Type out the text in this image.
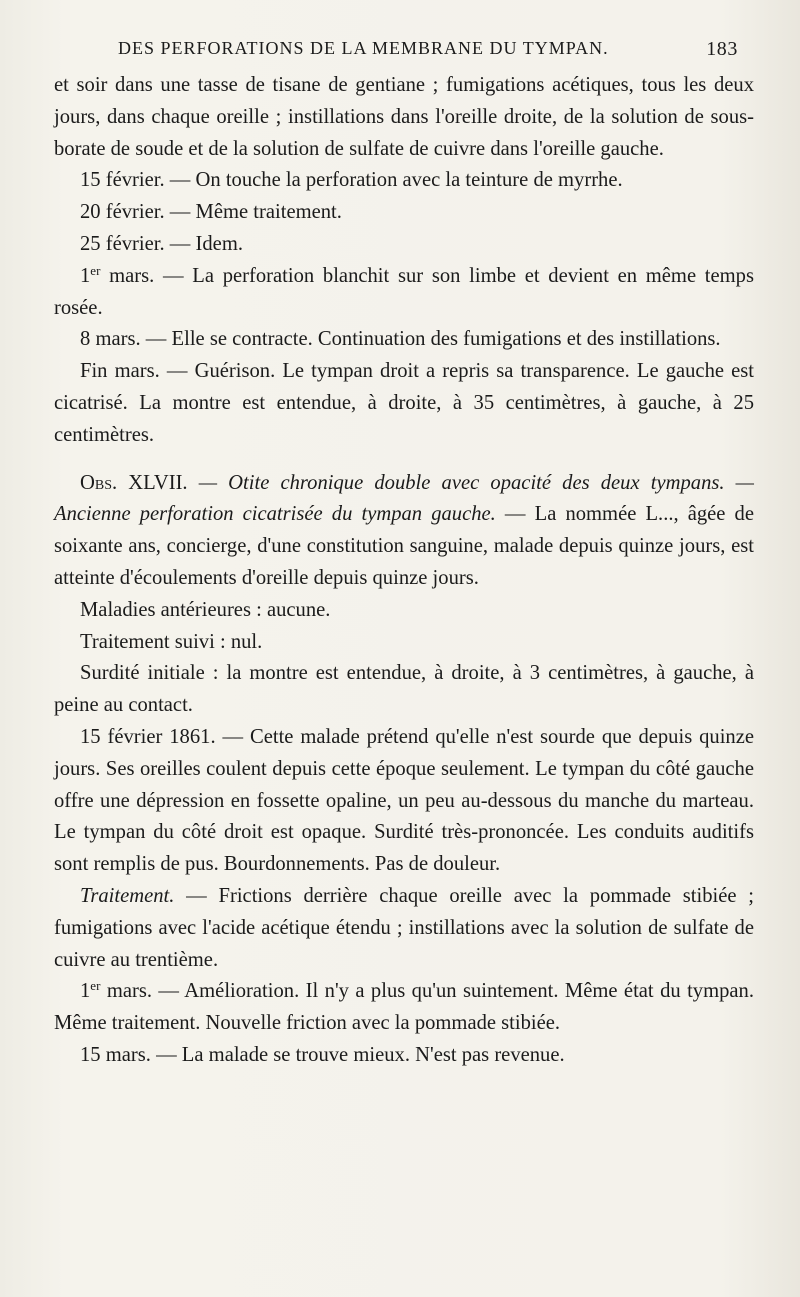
DES PERFORATIONS DE LA MEMBRANE DU TYMPAN.	183

et soir dans une tasse de tisane de gentiane ; fumigations acétiques, tous les deux jours, dans chaque oreille ; instillations dans l'oreille droite, de la solution de sous-borate de soude et de la solution de sulfate de cuivre dans l'oreille gauche.

15 février. — On touche la perforation avec la teinture de myrrhe.

20 février. — Même traitement.

25 février. — Idem.

1er mars. — La perforation blanchit sur son limbe et devient en même temps rosée.

8 mars. — Elle se contracte. Continuation des fumigations et des instillations.

Fin mars. — Guérison. Le tympan droit a repris sa transparence. Le gauche est cicatrisé. La montre est entendue, à droite, à 35 centimètres, à gauche, à 25 centimètres.

Obs. XLVII. — Otite chronique double avec opacité des deux tympans. — Ancienne perforation cicatrisée du tympan gauche. — La nommée L..., âgée de soixante ans, concierge, d'une constitution sanguine, malade depuis quinze jours, est atteinte d'écoulements d'oreille depuis quinze jours.

Maladies antérieures : aucune.

Traitement suivi : nul.

Surdité initiale : la montre est entendue, à droite, à 3 centimètres, à gauche, à peine au contact.

15 février 1861. — Cette malade prétend qu'elle n'est sourde que depuis quinze jours. Ses oreilles coulent depuis cette époque seulement. Le tympan du côté gauche offre une dépression en fossette opaline, un peu au-dessous du manche du marteau. Le tympan du côté droit est opaque. Surdité très-prononcée. Les conduits auditifs sont remplis de pus. Bourdonnements. Pas de douleur.

Traitement. — Frictions derrière chaque oreille avec la pommade stibiée ; fumigations avec l'acide acétique étendu ; instillations avec la solution de sulfate de cuivre au trentième.

1er mars. — Amélioration. Il n'y a plus qu'un suintement. Même état du tympan. Même traitement. Nouvelle friction avec la pommade stibiée.

15 mars. — La malade se trouve mieux. N'est pas revenue.
